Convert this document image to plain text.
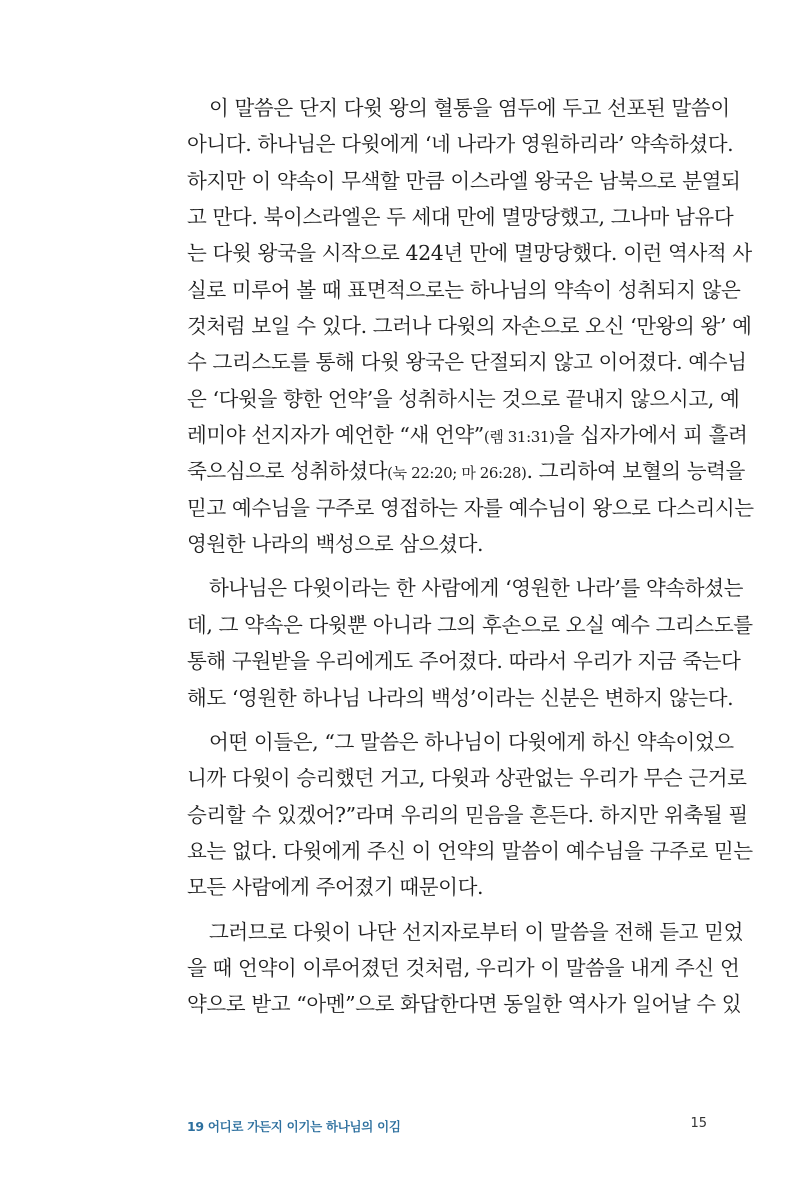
이 말씀은 단지 다윗 왕의 혈통을 염두에 두고 선포된 말씀이
아니다. 하나님은 다윗에게 ‘네 나라가 영원하리라’ 약속하셨다.
하지만 이 약속이 무색할 만큼 이스라엘 왕국은 남북으로 분열되
고 만다. 북이스라엘은 두 세대 만에 멸망당했고, 그나마 남유다
는 다윗 왕국을 시작으로 424년 만에 멸망당했다. 이런 역사적 사
실로 미루어 볼 때 표면적으로는 하나님의 약속이 성취되지 않은
것처럼 보일 수 있다. 그러나 다윗의 자손으로 오신 ‘만왕의 왕’ 예
수 그리스도를 통해 다윗 왕국은 단절되지 않고 이어졌다. 예수님
은 ‘다윗을 향한 언약’을 성취하시는 것으로 끝내지 않으시고, 예
레미야 선지자가 예언한 “새 언약”(렘 31:31)을 십자가에서 피 흘려
죽으심으로 성취하셨다(눅 22:20; 마 26:28). 그리하여 보혈의 능력을
믿고 예수님을 구주로 영접하는 자를 예수님이 왕으로 다스리시는
영원한 나라의 백성으로 삼으셨다.
하나님은 다윗이라는 한 사람에게 ‘영원한 나라’를 약속하셨는
데, 그 약속은 다윗뿐 아니라 그의 후손으로 오실 예수 그리스도를
통해 구원받을 우리에게도 주어졌다. 따라서 우리가 지금 죽는다
해도 ‘영원한 하나님 나라의 백성’이라는 신분은 변하지 않는다.
어떤 이들은, “그 말씀은 하나님이 다윗에게 하신 약속이었으
니까 다윗이 승리했던 거고, 다윗과 상관없는 우리가 무슨 근거로
승리할 수 있겠어?”라며 우리의 믿음을 흔든다. 하지만 위축될 필
요는 없다. 다윗에게 주신 이 언약의 말씀이 예수님을 구주로 믿는
모든 사람에게 주어졌기 때문이다.
그러므로 다윗이 나단 선지자로부터 이 말씀을 전해 듣고 믿었
을 때 언약이 이루어졌던 것처럼, 우리가 이 말씀을 내게 주신 언
약으로 받고 “아멘”으로 화답한다면 동일한 역사가 일어날 수 있
19 어디로 가든지 이기는 하나님의 이김	15
